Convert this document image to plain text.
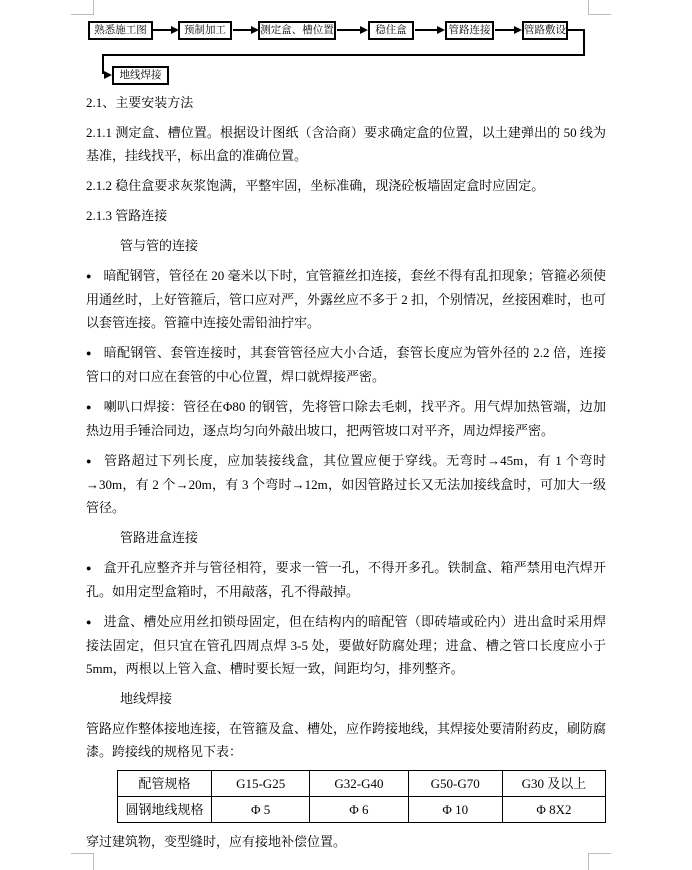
熟悉施工图	预制加工	测定盒、槽位置	稳住盒	管路连接	管路敷设
地线焊接

2.1、主要安装方法

2.1.1 测定盒、槽位置。根据设计图纸（含洽商）要求确定盒的位置，以土建弹出的 50 线为基准，挂线找平，标出盒的准确位置。

2.1.2 稳住盒要求灰浆饱满，平整牢固，坐标准确，现浇砼板墙固定盒时应固定。

2.1.3 管路连接

管与管的连接

● 暗配钢管，管径在 20 毫米以下时，宜管箍丝扣连接，套丝不得有乱扣现象；管箍必须使用通丝时，上好管箍后，管口应对严，外露丝应不多于 2 扣，个别情况，丝接困难时，也可以套管连接。管箍中连接处需铅油拧牢。

● 暗配钢管、套管连接时，其套管管径应大小合适，套管长度应为管外径的 2.2 倍，连接管口的对口应在套管的中心位置，焊口就焊接严密。

● 喇叭口焊接：管径在Φ80 的钢管，先将管口除去毛刺，找平齐。用气焊加热管端，边加热边用手锤洽同边，逐点均匀向外敲出坡口，把两管坡口对平齐，周边焊接严密。

● 管路超过下列长度，应加装接线盒，其位置应便于穿线。无弯时→45m，有 1 个弯时→30m，有 2 个→20m，有 3 个弯时→12m，如因管路过长又无法加接线盒时，可加大一级管径。

管路进盒连接

● 盒开孔应整齐并与管径相符，要求一管一孔，不得开多孔。铁制盒、箱严禁用电汽焊开孔。如用定型盒箱时，不用敲落，孔不得敲掉。

● 进盒、槽处应用丝扣锁母固定，但在结构内的暗配管（即砖墙或砼内）进出盒时采用焊接法固定，但只宜在管孔四周点焊 3-5 处，要做好防腐处理；进盒、槽之管口长度应小于 5mm，两根以上管入盒、槽时要长短一致，间距均匀，排列整齐。

地线焊接

管路应作整体接地连接，在管箍及盒、槽处，应作跨接地线，其焊接处要清附药皮，刷防腐漆。跨接线的规格见下表：

配管规格	G15-G25	G32-G40	G50-G70	G30 及以上
圆钢地线规格	Φ 5	Φ 6	Φ 10	Φ 8X2

穿过建筑物，变型缝时，应有接地补偿位置。
